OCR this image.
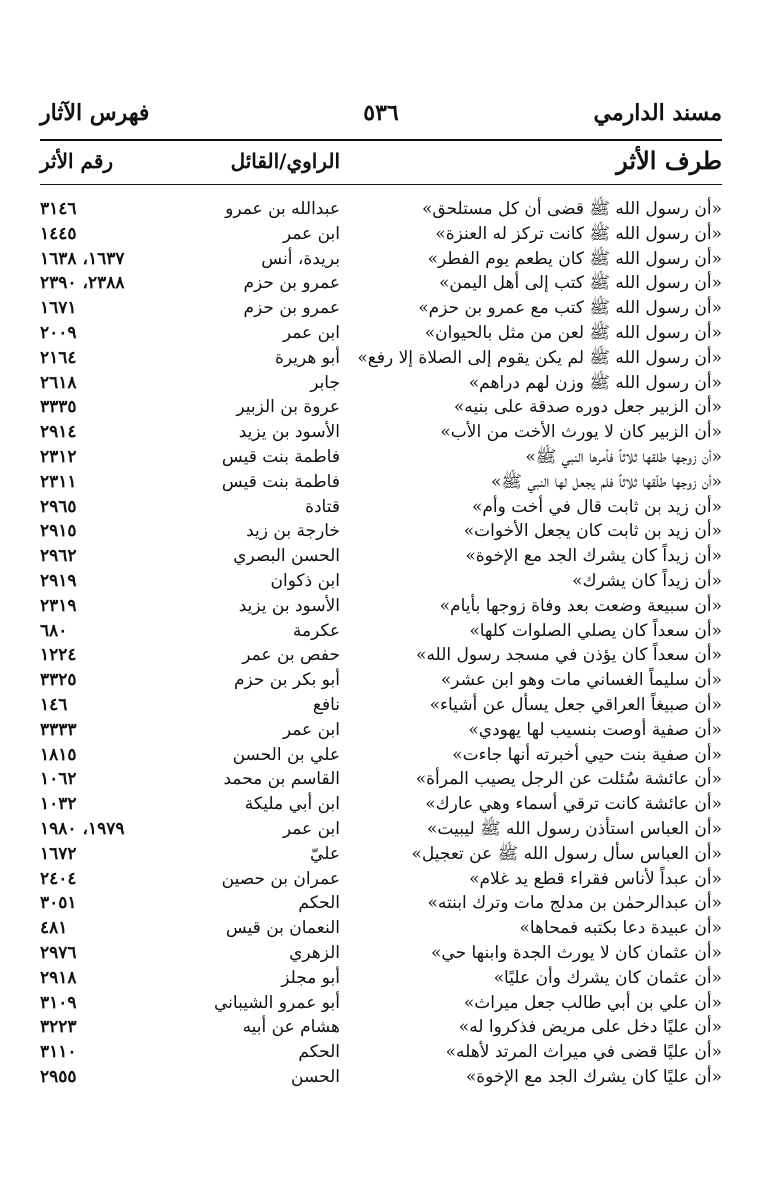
مسند الدارمي
٥٣٦
فهرس الآثار
طرف الأثر
الراوي/القائل
رقم الأثر
«أن رسول الله ﷺ قضى أن كل مستلحق»
عبدالله بن عمرو
٣١٤٦
«أن رسول الله ﷺ كانت تركز له العنزة»
ابن عمر
١٤٤٥
«أن رسول الله ﷺ كان يطعم يوم الفطر»
بريدة، أنس
١٦٣٧، ١٦٣٨
«أن رسول الله ﷺ كتب إلى أهل اليمن»
عمرو بن حزم
٢٣٨٨، ٢٣٩٠
«أن رسول الله ﷺ كتب مع عمرو بن حزم»
عمرو بن حزم
١٦٧١
«أن رسول الله ﷺ لعن من مثل بالحيوان»
ابن عمر
٢٠٠٩
«أن رسول الله ﷺ لم يكن يقوم إلى الصلاة إلا رفع»
أبو هريرة
٢١٦٤
«أن رسول الله ﷺ وزن لهم دراهم»
جابر
٢٦١٨
«أن الزبير جعل دوره صدقة على بنيه»
عروة بن الزبير
٣٣٣٥
«أن الزبير كان لا يورث الأخت من الأب»
الأسود بن يزيد
٢٩١٤
«أن زوجها طلقها ثلاثاً فأمرها النبي ﷺ»
فاطمة بنت قيس
٢٣١٢
«أن زوجها طلّقها ثلاثاً فلم يجعل لها النبي ﷺ»
فاطمة بنت قيس
٢٣١١
«أن زيد بن ثابت قال في أخت وأم»
قتادة
٢٩٦٥
«أن زيد بن ثابت كان يجعل الأخوات»
خارجة بن زيد
٢٩١٥
«أن زيداً كان يشرك الجد مع الإخوة»
الحسن البصري
٢٩٦٢
«أن زيداً كان يشرك»
ابن ذكوان
٢٩١٩
«أن سبيعة وضعت بعد وفاة زوجها بأيام»
الأسود بن يزيد
٢٣١٩
«أن سعداً كان يصلي الصلوات كلها»
عكرمة
٦٨٠
«أن سعداً كان يؤذن في مسجد رسول الله»
حفص بن عمر
١٢٢٤
«أن سليماً الغساني مات وهو ابن عشر»
أبو بكر بن حزم
٣٣٢٥
«أن صبيغاً العراقي جعل يسأل عن أشياء»
نافع
١٤٦
«أن صفية أوصت بنسيب لها يهودي»
ابن عمر
٣٣٣٣
«أن صفية بنت حيي أخبرته أنها جاءت»
علي بن الحسن
١٨١٥
«أن عائشة سُئلت عن الرجل يصيب المرأة»
القاسم بن محمد
١٠٦٢
«أن عائشة كانت ترقي أسماء وهي عارك»
ابن أبي مليكة
١٠٣٢
«أن العباس استأذن رسول الله ﷺ ليبيت»
ابن عمر
١٩٧٩، ١٩٨٠
«أن العباس سأل رسول الله ﷺ عن تعجيل»
عليّ
١٦٧٢
«أن عبداً لأناس فقراء قطع يد غلام»
عمران بن حصين
٢٤٠٤
«أن عبدالرحمٰن بن مدلج مات وترك ابنته»
الحكم
٣٠٥١
«أن عبيدة دعا بكتبه فمحاها»
النعمان بن قيس
٤٨١
«أن عثمان كان لا يورث الجدة وابنها حي»
الزهري
٢٩٧٦
«أن عثمان كان يشرك وأن عليًا»
أبو مجلز
٢٩١٨
«أن علي بن أبي طالب جعل ميراث»
أبو عمرو الشيباني
٣١٠٩
«أن عليًا دخل على مريض فذكروا له»
هشام عن أبيه
٣٢٢٣
«أن عليًا قضى في ميراث المرتد لأهله»
الحكم
٣١١٠
«أن عليًا كان يشرك الجد مع الإخوة»
الحسن
٢٩٥٥
